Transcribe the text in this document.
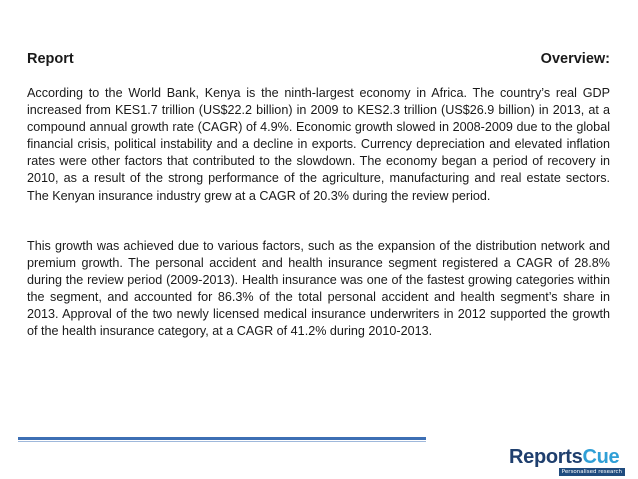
Report	Overview:

According to the World Bank, Kenya is the ninth-largest economy in Africa. The country’s real GDP increased from KES1.7 trillion (US$22.2 billion) in 2009 to KES2.3 trillion (US$26.9 billion) in 2013, at a compound annual growth rate (CAGR) of 4.9%. Economic growth slowed in 2008-2009 due to the global financial crisis, political instability and a decline in exports. Currency depreciation and elevated inflation rates were other factors that contributed to the slowdown. The economy began a period of recovery in 2010, as a result of the strong performance of the agriculture, manufacturing and real estate sectors. The Kenyan insurance industry grew at a CAGR of 20.3% during the review period.

This growth was achieved due to various factors, such as the expansion of the distribution network and premium growth. The personal accident and health insurance segment registered a CAGR of 28.8% during the review period (2009-2013). Health insurance was one of the fastest growing categories within the segment, and accounted for 86.3% of the total personal accident and health segment’s share in 2013. Approval of the two newly licensed medical insurance underwriters in 2012 supported the growth of the health insurance category, at a CAGR of 41.2% during 2010-2013.

ReportsCue
Personalised research
